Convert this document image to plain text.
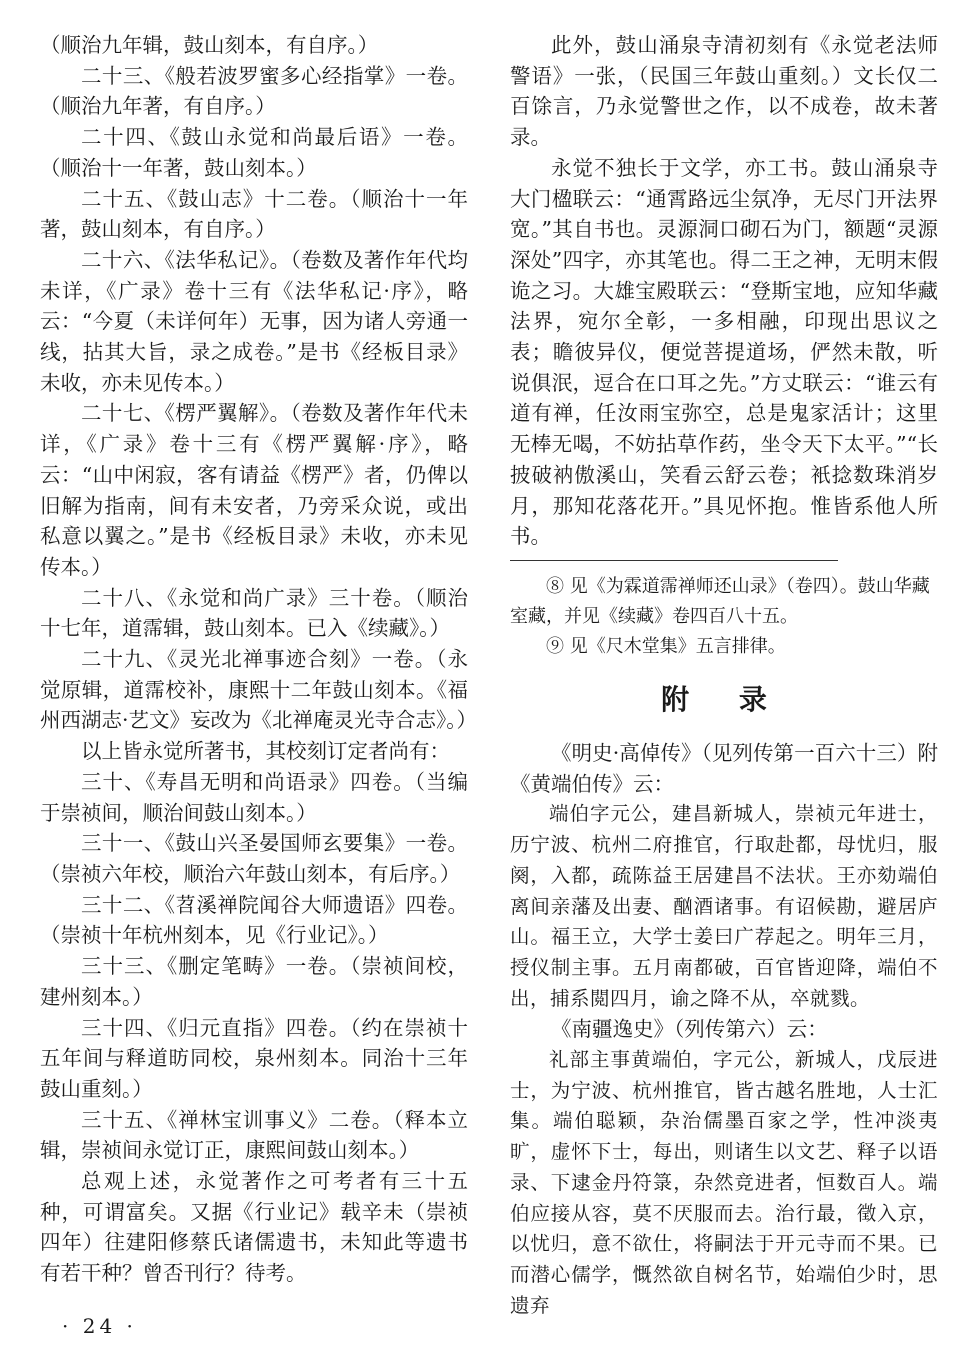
（顺治九年辑，鼓山刻本，有自序。）

二十三、《般若波罗蜜多心经指掌》一卷。（顺治九年著，有自序。）

二十四、《鼓山永觉和尚最后语》一卷。（顺治十一年著，鼓山刻本。）

二十五、《鼓山志》十二卷。（顺治十一年著，鼓山刻本，有自序。）

二十六、《法华私记》。（卷数及著作年代均未详，《广录》卷十三有《法华私记·序》，略云：“今夏（未详何年）无事，因为诸人旁通一线，拈其大旨，录之成卷。”是书《经板目录》未收，亦未见传本。）

二十七、《楞严翼解》。（卷数及著作年代未详，《广录》卷十三有《楞严翼解·序》，略云：“山中闲寂，客有请益《楞严》者，仍俾以旧解为指南，间有未安者，乃旁采众说，或出私意以翼之。”是书《经板目录》未收，亦未见传本。）

二十八、《永觉和尚广录》三十卷。（顺治十七年，道霈辑，鼓山刻本。已入《续藏》。）

二十九、《灵光北禅事迹合刻》一卷。（永觉原辑，道霈校补，康熙十二年鼓山刻本。《福州西湖志·艺文》妄改为《北禅庵灵光寺合志》。）

以上皆永觉所著书，其校刻订定者尚有：

三十、《寿昌无明和尚语录》四卷。（当编于崇祯间，顺治间鼓山刻本。）

三十一、《鼓山兴圣晏国师玄要集》一卷。（崇祯六年校，顺治六年鼓山刻本，有后序。）

三十二、《苕溪禅院闻谷大师遗语》四卷。（崇祯十年杭州刻本，见《行业记》。）

三十三、《删定笔畴》一卷。（崇祯间校，建州刻本。）

三十四、《归元直指》四卷。（约在崇祯十五年间与释道昉同校，泉州刻本。同治十三年鼓山重刻。）

三十五、《禅林宝训事义》二卷。（释本立辑，崇祯间永觉订正，康熙间鼓山刻本。）

总观上述，永觉著作之可考者有三十五种，可谓富矣。又据《行业记》载辛未（崇祯四年）往建阳修蔡氏诸儒遗书，未知此等遗书有若干种？曾否刊行？待考。

此外，鼓山涌泉寺清初刻有《永觉老法师警语》一张，（民国三年鼓山重刻。）文长仅二百馀言，乃永觉警世之作，以不成卷，故未著录。

永觉不独长于文学，亦工书。鼓山涌泉寺大门楹联云：“通霄路远尘氛净，无尽门开法界宽。”其自书也。灵源洞口砌石为门，额题“灵源深处”四字，亦其笔也。得二王之神，无明末假诡之习。大雄宝殿联云：“登斯宝地，应知华藏法界，宛尔全彰，一多相融，印现出思议之表；瞻彼异仪，便觉菩提道场，俨然未散，听说俱泯，逗合在口耳之先。”方丈联云：“谁云有道有禅，任汝雨宝弥空，总是鬼家活计；这里无棒无喝，不妨拈草作药，坐令天下太平。”“长披破衲傲溪山，笑看云舒云卷；衹捻数珠消岁月，那知花落花开。”具见怀抱。惟皆系他人所书。

⑧ 见《为霖道霈禅师还山录》（卷四）。鼓山华藏室藏，并见《续藏》卷四百八十五。

⑨ 见《尺木堂集》五言排律。

附 录

《明史·高倬传》（见列传第一百六十三）附《黄端伯传》云：

端伯字元公，建昌新城人，崇祯元年进士，历宁波、杭州二府推官，行取赴都，母忧归，服阕，入都，疏陈益王居建昌不法状。王亦劾端伯离间亲藩及出妻、酗酒诸事。有诏候勘，避居庐山。福王立，大学士姜曰广荐起之。明年三月，授仪制主事。五月南都破，百官皆迎降，端伯不出，捕系閲四月，谕之降不从，卒就戮。

《南疆逸史》（列传第六）云：

礼部主事黄端伯，字元公，新城人，戊辰进士，为宁波、杭州推官，皆古越名胜地，人士汇集。端伯聪颖，杂治儒墨百家之学，性冲淡夷旷，虚怀下士，每出，则诸生以文艺、释子以语录、下逮金丹符箓，杂然竞进者，恒数百人。端伯应接从容，莫不厌服而去。治行最，徵入京，以忧归，意不欲仕，将嗣法于开元寺而不果。已而潜心儒学，慨然欲自树名节，始端伯少时，思遗弃

· 24 ·
